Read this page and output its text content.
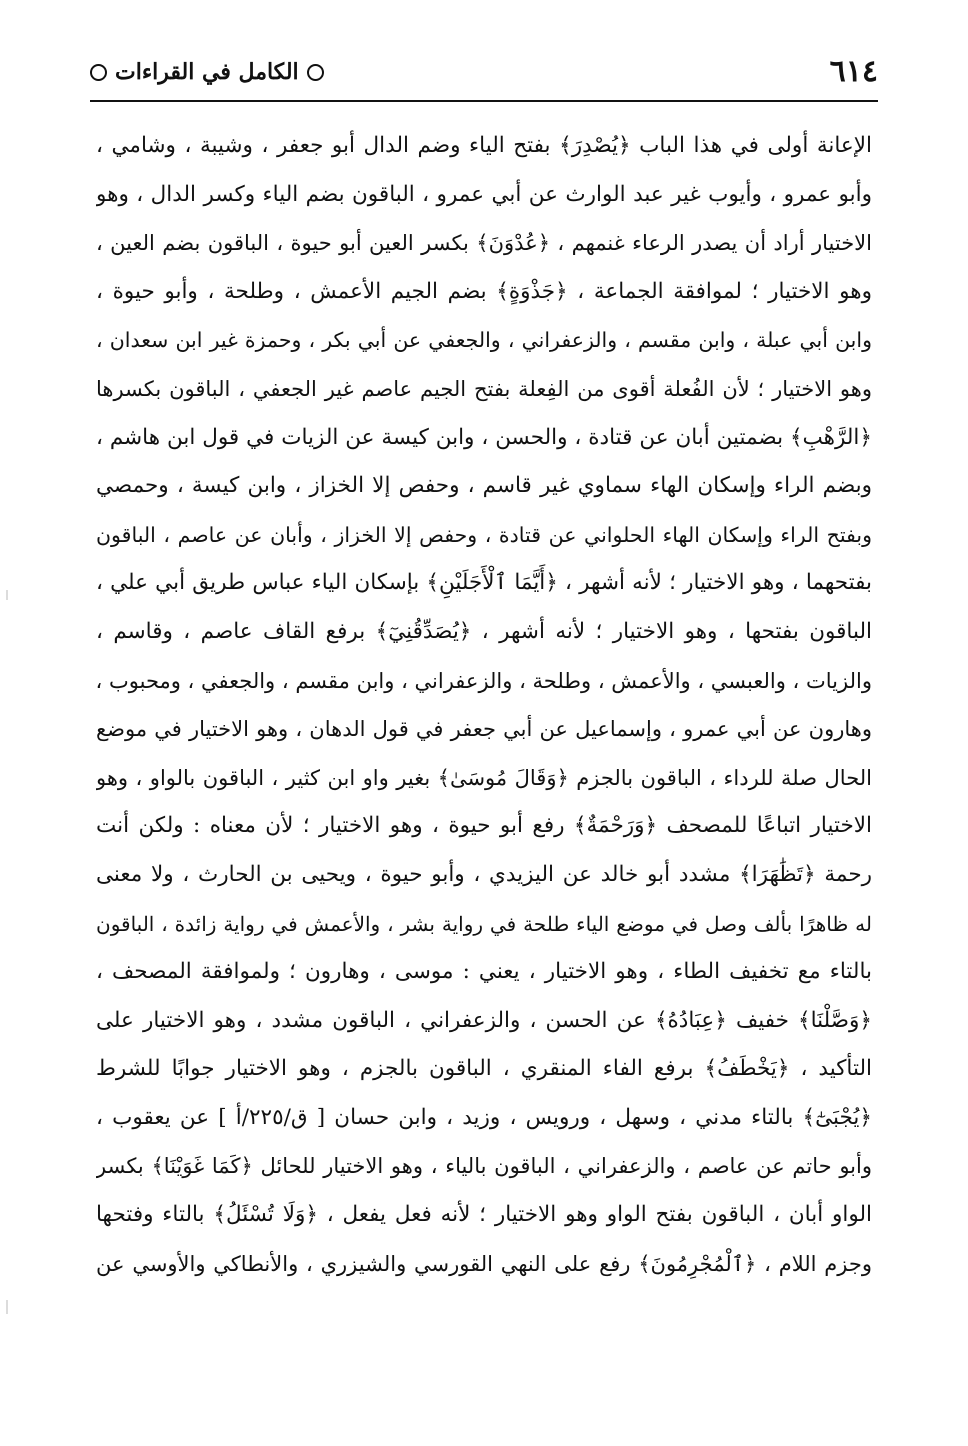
٦١٤
الكامل في القراءات
الإعانة أولى في هذا الباب ﴿يُصْدِرَ﴾ بفتح الياء وضم الدال أبو جعفر ، وشيبة ، وشامي ،
وأبو عمرو ، وأيوب غير عبد الوارث عن أبي عمرو ، الباقون بضم الياء وكسر الدال ، وهو
الاختيار أراد أن يصدر الرعاء غنمهم ، ﴿عُدْوَنَ﴾ بكسر العين أبو حيوة ، الباقون بضم العين ،
وهو الاختيار ؛ لموافقة الجماعة ، ﴿جَذْوَةٍ﴾ بضم الجيم الأعمش ، وطلحة ، وأبو حيوة ،
وابن أبي عبلة ، وابن مقسم ، والزعفراني ، والجعفي عن أبي بكر ، وحمزة غير ابن سعدان ،
وهو الاختيار ؛ لأن الفُعلة أقوى من الفِعلة بفتح الجيم عاصم غير الجعفي ، الباقون بكسرها
﴿الرَّهْبِ﴾ بضمتين أبان عن قتادة ، والحسن ، وابن كيسة عن الزيات في قول ابن هاشم ،
وبضم الراء وإسكان الهاء سماوي غير قاسم ، وحفص إلا الخزاز ، وابن كيسة ، وحمصي
وبفتح الراء وإسكان الهاء الحلواني عن قتادة ، وحفص إلا الخزاز ، وأبان عن عاصم ، الباقون
بفتحهما ، وهو الاختيار ؛ لأنه أشهر ، ﴿أَيَّمَا ٱلْأَجَلَيْنِ﴾ بإسكان الياء عباس طريق أبي علي ،
الباقون بفتحها ، وهو الاختيار ؛ لأنه أشهر ، ﴿يُصَدِّقُنِيٓ﴾ برفع القاف عاصم ، وقاسم ،
والزيات ، والعبسي ، والأعمش ، وطلحة ، والزعفراني ، وابن مقسم ، والجعفي ، ومحبوب ،
وهارون عن أبي عمرو ، وإسماعيل عن أبي جعفر في قول الدهان ، وهو الاختيار في موضع
الحال صلة للرداء ، الباقون بالجزم ﴿وَقَالَ مُوسَىٰ﴾ بغير واو ابن كثير ، الباقون بالواو ، وهو
الاختيار اتباعًا للمصحف ﴿وَرَحْمَةٌ﴾ رفع أبو حيوة ، وهو الاختيار ؛ لأن معناه : ولكن أنت
رحمة ﴿تَظَٰهَرَا﴾ مشدد أبو خالد عن اليزيدي ، وأبو حيوة ، ويحيى بن الحارث ، ولا معنى
له ظاهرًا بألف وصل في موضع الياء طلحة في رواية بشر ، والأعمش في رواية زائدة ، الباقون
بالتاء مع تخفيف الطاء ، وهو الاختيار ، يعني : موسى ، وهارون ؛ ولموافقة المصحف ،
﴿وَصَّلْنَا﴾ خفيف ﴿عِبَادُهُ﴾ عن الحسن ، والزعفراني ، الباقون مشدد ، وهو الاختيار على
التأكيد ، ﴿يَخْطَفُ﴾ برفع الفاء المنقري ، الباقون بالجزم ، وهو الاختيار جوابًا للشرط
﴿يُجْبَىٰٓ﴾ بالتاء مدني ، وسهل ، ورويس ، وزيد ، وابن حسان [ ق/٢٢٥/أ ] عن يعقوب ،
وأبو حاتم عن عاصم ، والزعفراني ، الباقون بالياء ، وهو الاختيار للحائل ﴿كَمَا غَوَيْنَا﴾ بكسر
الواو أبان ، الباقون بفتح الواو وهو الاختيار ؛ لأنه فعل يفعل ، ﴿وَلَا تُسْئَلُ﴾ بالتاء وفتحها
وجزم اللام ، ﴿ٱلْمُجْرِمُونَ﴾ رفع على النهي القورسي والشيزري ، والأنطاكي والأوسي عن
